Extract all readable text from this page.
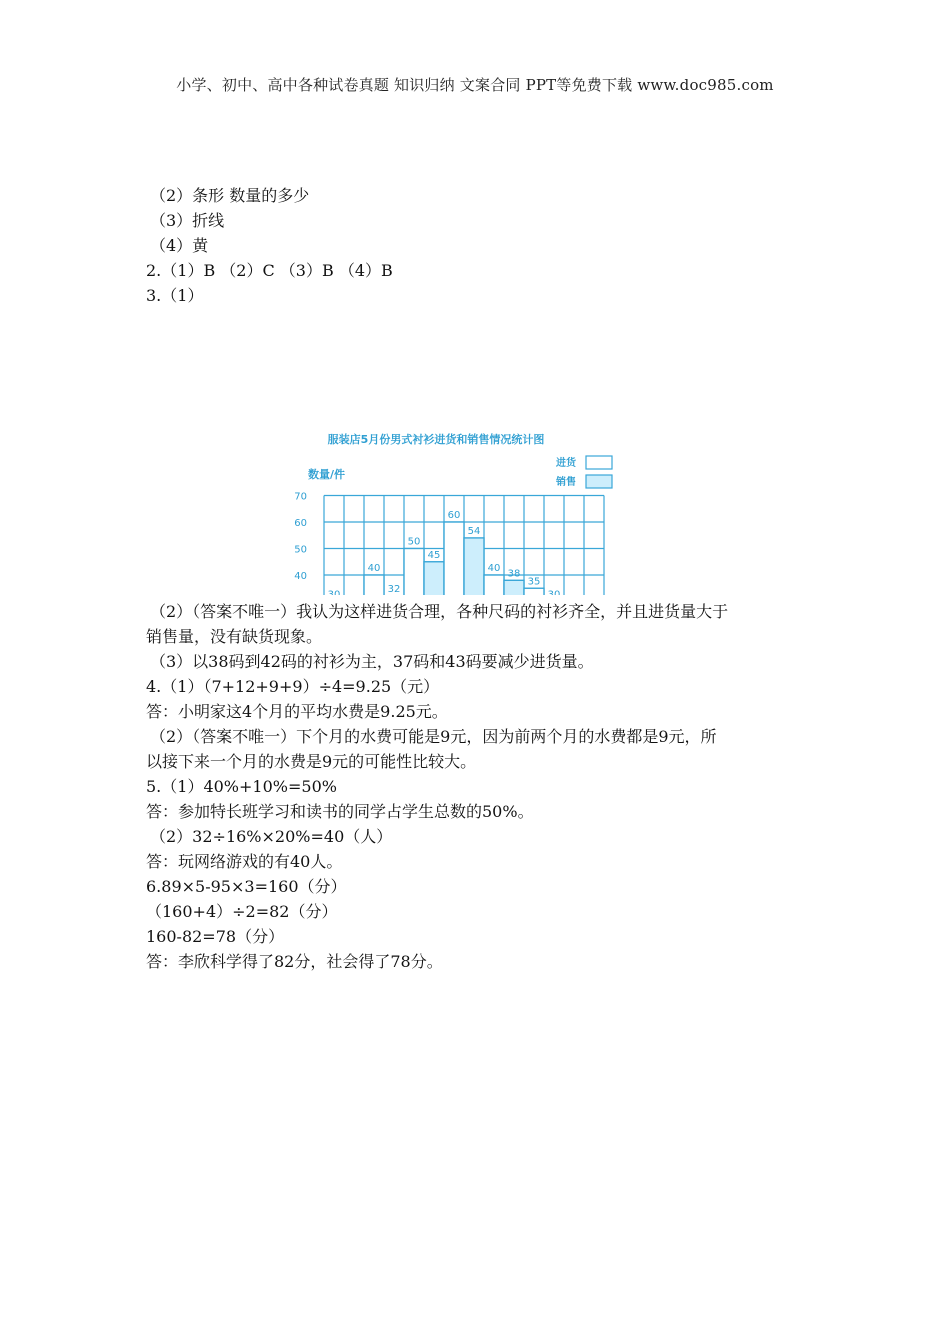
小学、初中、高中各种试卷真题 知识归纳 文案合同 PPT等免费下载 www.doc985.com
（2）条形 数量的多少
（3）折线
（4）黄
2.（1）B （2）C （3）B （4）B
3.（1）
服装店5月份男式衬衫进货和销售情况统计图
数量/件
进货
销售
40
50
60
70
30
40
32
50
45
60
54
40 38
35
30
（2）（答案不唯一）我认为这样进货合理，各种尺码的衬衫齐全，并且进货量大于
销售量，没有缺货现象。
（3）以38码到42码的衬衫为主，37码和43码要减少进货量。
4.（1）（7+12+9+9）÷4=9.25（元）
答：小明家这4个月的平均水费是9.25元。
（2）（答案不唯一）下个月的水费可能是9元，因为前两个月的水费都是9元，所
以接下来一个月的水费是9元的可能性比较大。
5.（1）40%+10%=50%
答：参加特长班学习和读书的同学占学生总数的50%。
（2）32÷16%×20%=40（人）
答：玩网络游戏的有40人。
6.89×5-95×3=160（分）
（160+4）÷2=82（分）
160-82=78（分）
答：李欣科学得了82分，社会得了78分。
